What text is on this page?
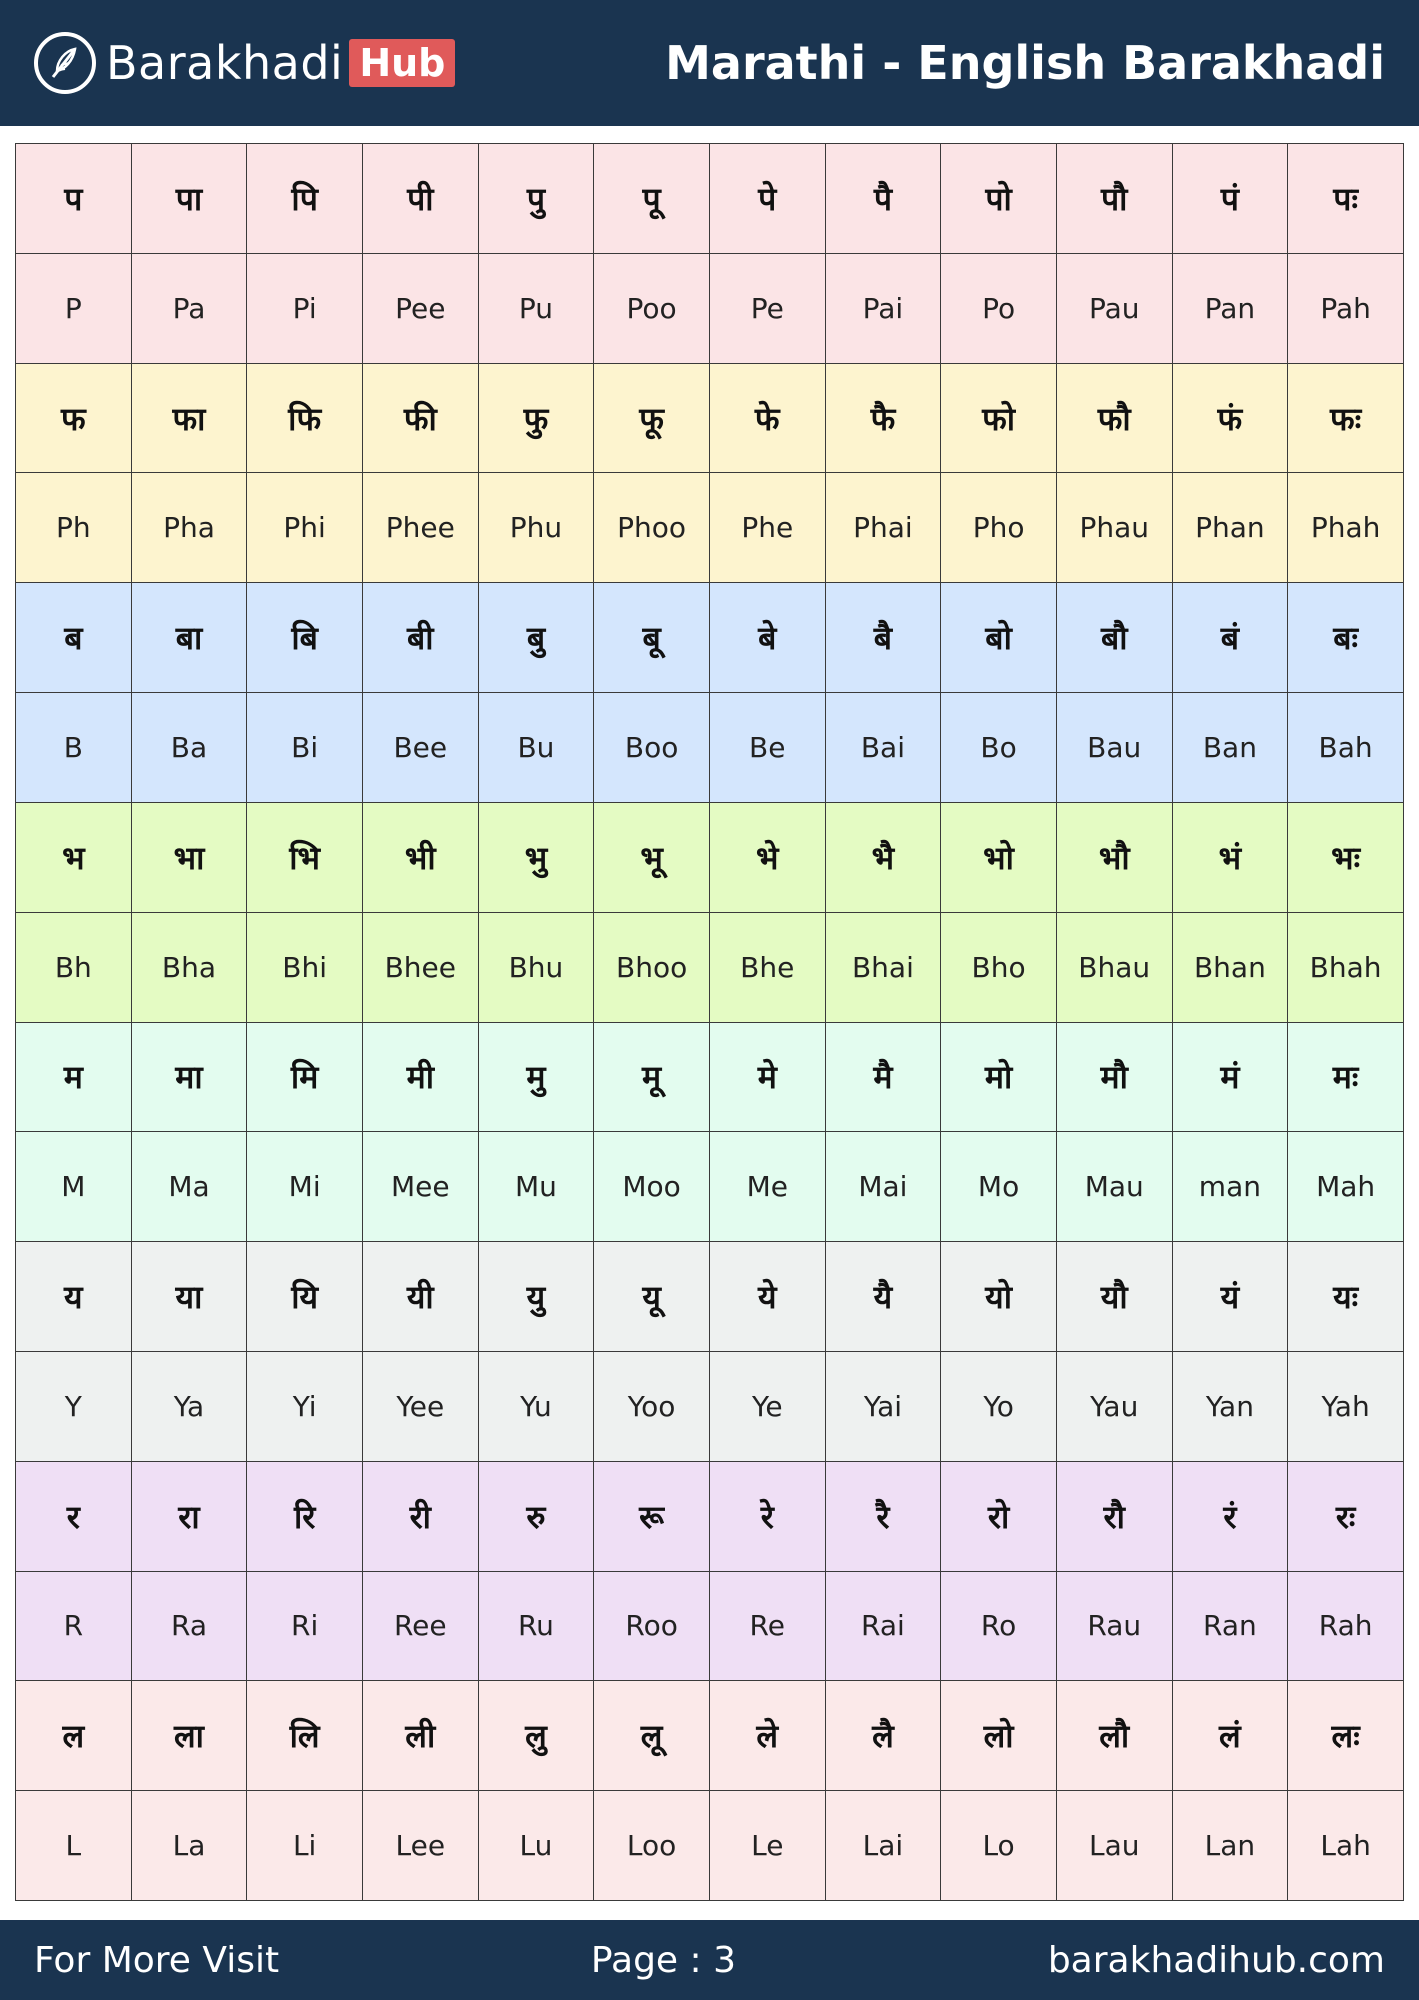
Barakhadi Hub	Marathi - English Barakhadi
प	पा	पि	पी	पु	पू	पे	पै	पो	पौ	पं	पः
P	Pa	Pi	Pee	Pu	Poo	Pe	Pai	Po	Pau	Pan	Pah
फ	फा	फि	फी	फु	फू	फे	फै	फो	फौ	फं	फः
Ph	Pha	Phi	Phee	Phu	Phoo	Phe	Phai	Pho	Phau	Phan	Phah
ब	बा	बि	बी	बु	बू	बे	बै	बो	बौ	बं	बः
B	Ba	Bi	Bee	Bu	Boo	Be	Bai	Bo	Bau	Ban	Bah
भ	भा	भि	भी	भु	भू	भे	भै	भो	भौ	भं	भः
Bh	Bha	Bhi	Bhee	Bhu	Bhoo	Bhe	Bhai	Bho	Bhau	Bhan	Bhah
म	मा	मि	मी	मु	मू	मे	मै	मो	मौ	मं	मः
M	Ma	Mi	Mee	Mu	Moo	Me	Mai	Mo	Mau	man	Mah
य	या	यि	यी	यु	यू	ये	यै	यो	यौ	यं	यः
Y	Ya	Yi	Yee	Yu	Yoo	Ye	Yai	Yo	Yau	Yan	Yah
र	रा	रि	री	रु	रू	रे	रै	रो	रौ	रं	रः
R	Ra	Ri	Ree	Ru	Roo	Re	Rai	Ro	Rau	Ran	Rah
ल	ला	लि	ली	लु	लू	ले	लै	लो	लौ	लं	लः
L	La	Li	Lee	Lu	Loo	Le	Lai	Lo	Lau	Lan	Lah
For More Visit	Page : 3	barakhadihub.com
